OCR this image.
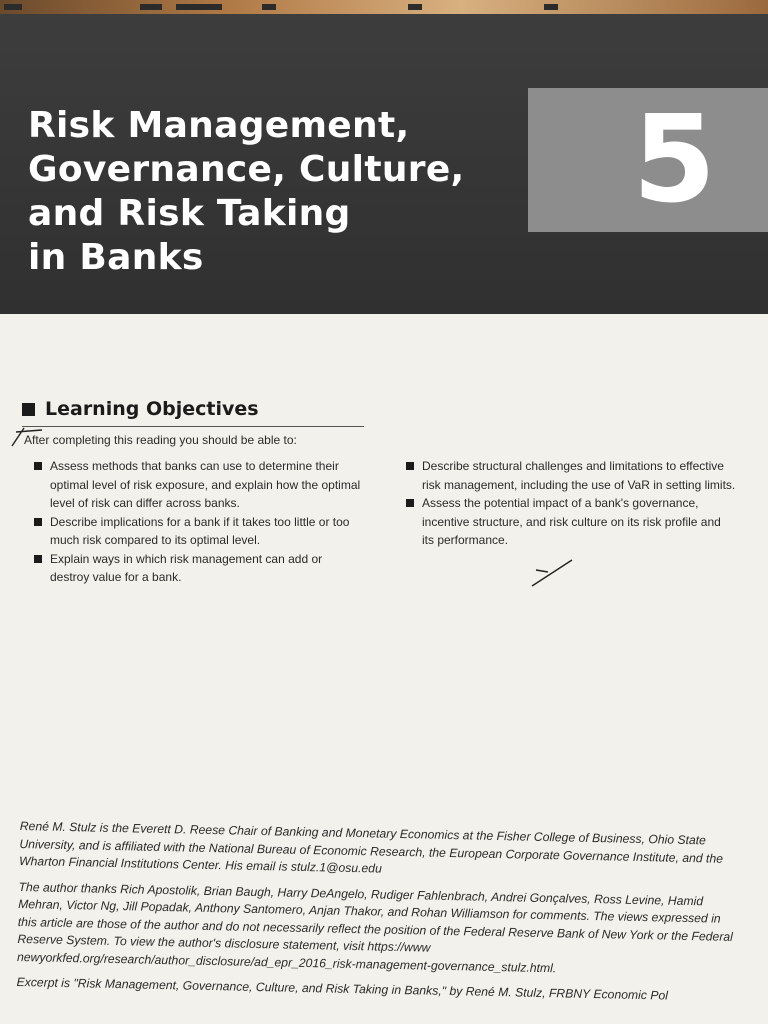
Risk Management,
Governance, Culture,
and Risk Taking
in Banks
5
Learning Objectives

After completing this reading you should be able to:

Assess methods that banks can use to determine their optimal level of risk exposure, and explain how the optimal level of risk can differ across banks.
Describe implications for a bank if it takes too little or too much risk compared to its optimal level.
Explain ways in which risk management can add or destroy value for a bank.
Describe structural challenges and limitations to effective risk management, including the use of VaR in setting limits.
Assess the potential impact of a bank's governance, incentive structure, and risk culture on its risk profile and its performance.

René M. Stulz is the Everett D. Reese Chair of Banking and Monetary Economics at the Fisher College of Business, Ohio State University, and is affiliated with the National Bureau of Economic Research, the European Corporate Governance Institute, and the Wharton Financial Institutions Center. His email is stulz.1@osu.edu

The author thanks Rich Apostolik, Brian Baugh, Harry DeAngelo, Rudiger Fahlenbrach, Andrei Gonçalves, Ross Levine, Hamid Mehran, Victor Ng, Jill Popadak, Anthony Santomero, Anjan Thakor, and Rohan Williamson for comments. The views expressed in this article are those of the author and do not necessarily reflect the position of the Federal Reserve Bank of New York or the Federal Reserve System. To view the author's disclosure statement, visit https://www newyorkfed.org/research/author_disclosure/ad_epr_2016_risk-management-governance_stulz.html.

Excerpt is "Risk Management, Governance, Culture, and Risk Taking in Banks," by René M. Stulz, FRBNY Economic Pol
